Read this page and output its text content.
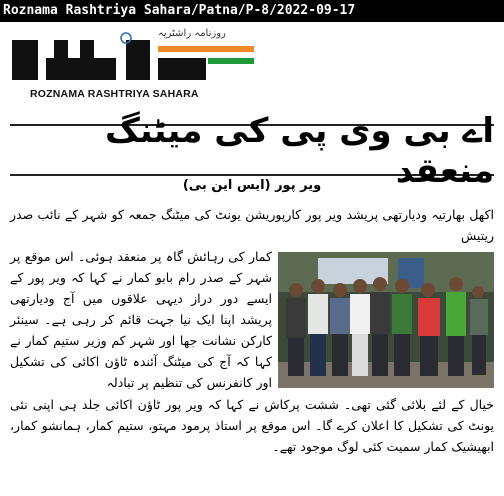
Roznama Rashtriya Sahara/Patna/P-8/2022-09-17
روزنامہ راشٹریہ
ROZNAMA RASHTRIYA SAHARA
اے بی وی پی کی میٹنگ منعقد
ویر پور (ایس این بی)
اکھل بھارتیہ ودیارتھی پریشد ویر پور کارپوریشن یونٹ کی میٹنگ جمعہ کو شہر کے نائب صدر ریتیش
کمار کی رہائش گاہ پر منعقد ہوئی۔ اس موقع پر شہر کے صدر رام بابو کمار نے کہا کہ ویر پور کے ایسے دور دراز دیہی علاقوں میں آج ودیارتھی پریشد اپنا ایک نیا جہت قائم کر رہی ہے۔ سینئر کارکن نشانت جھا اور شہر کم وزیر ستیم کمار نے کہا کہ آج کی میٹنگ آئندہ ٹاؤن اکائی کی تشکیل اور کانفرنس کی تنظیم پر تبادلہ
خیال کے لئے بلائی گئی تھی۔ ششت پرکاش نے کہا کہ ویر پور ٹاؤن اکائی جلد ہی اپنی نئی یونٹ کی تشکیل کا اعلان کرے گا۔ اس موقع پر استاذ پرمود مہتو، ستیم کمار، ہمانشو کمار، ابھیشیک کمار سمیت کئی لوگ موجود تھے۔
